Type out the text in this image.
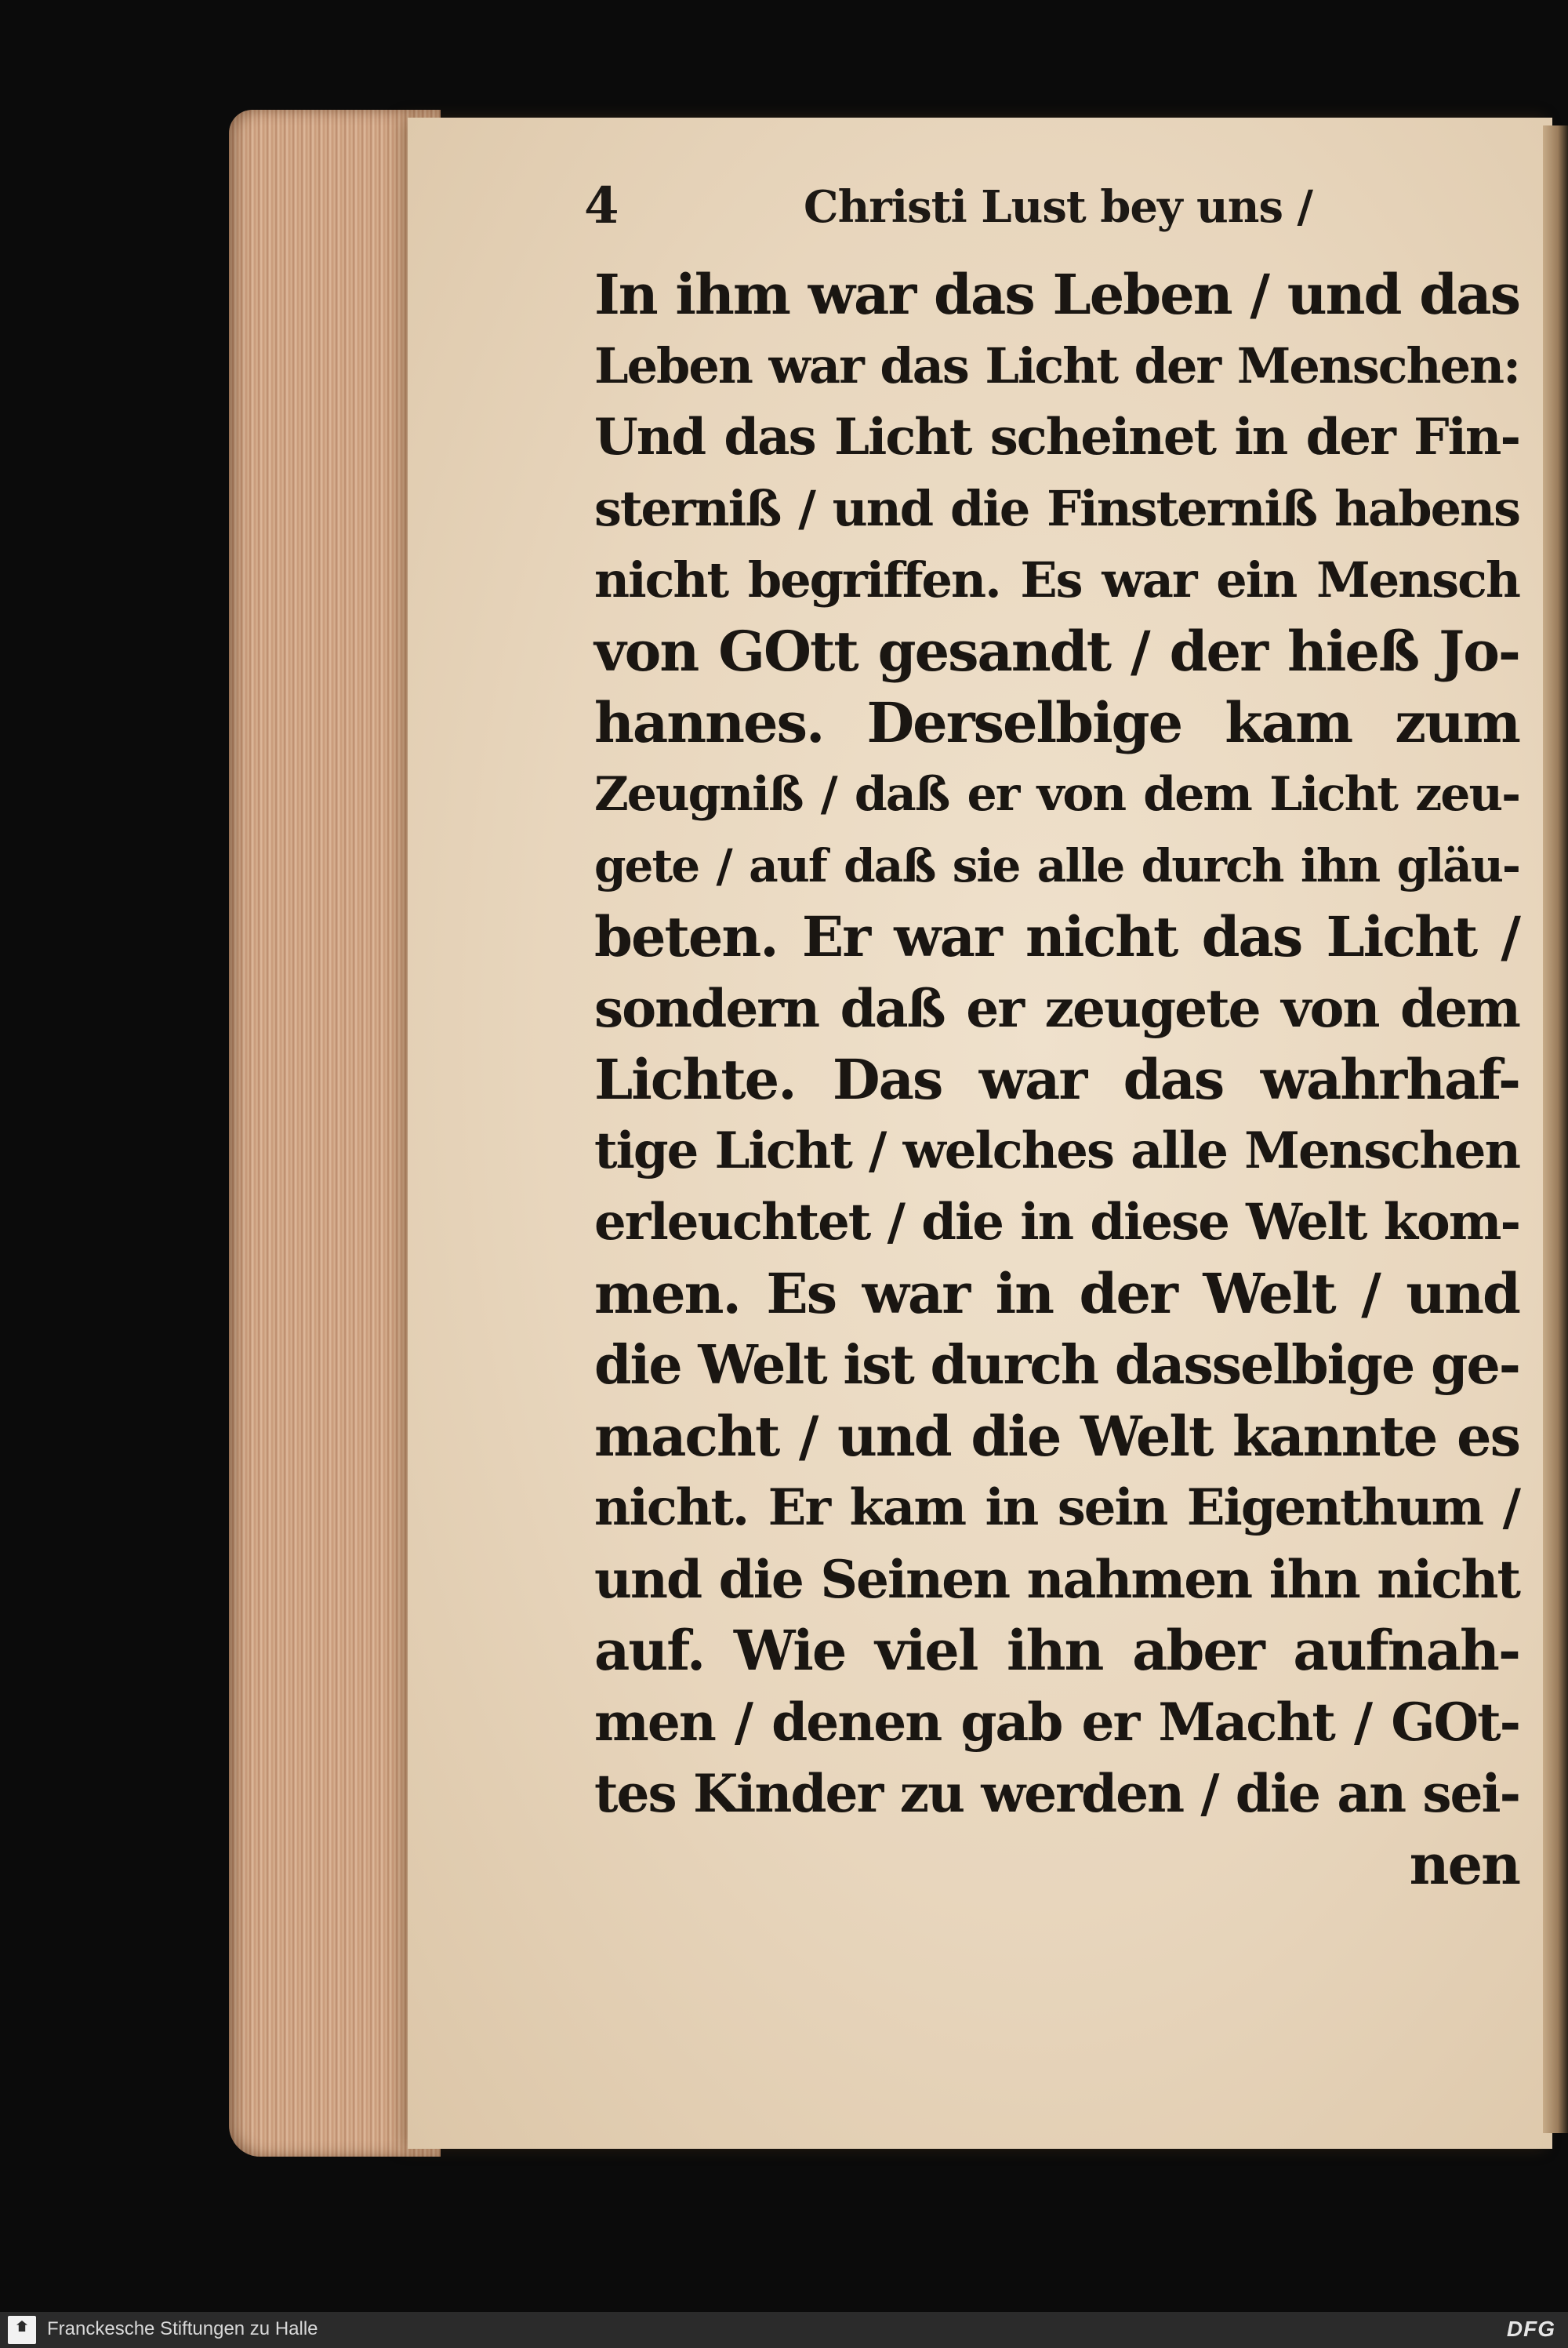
4	Christi Lust bey uns /
In ihm war das Leben / und das
Leben war das Licht der Menschen:
Und das Licht scheinet in der Fin-
sterniß / und die Finsterniß habens
nicht begriffen. Es war ein Mensch
von GOtt gesandt / der hieß Jo-
hannes. Derselbige kam zum
Zeugniß / daß er von dem Licht zeu-
gete / auf daß sie alle durch ihn gläu-
beten. Er war nicht das Licht /
sondern daß er zeugete von dem
Lichte. Das war das wahrhaf-
tige Licht / welches alle Menschen
erleuchtet / die in diese Welt kom-
men. Es war in der Welt / und
die Welt ist durch dasselbige ge-
macht / und die Welt kannte es
nicht. Er kam in sein Eigenthum /
und die Seinen nahmen ihn nicht
auf. Wie viel ihn aber aufnah-
men / denen gab er Macht / GOt-
tes Kinder zu werden / die an sei-
nen
Franckesche Stiftungen zu Halle	DFG
